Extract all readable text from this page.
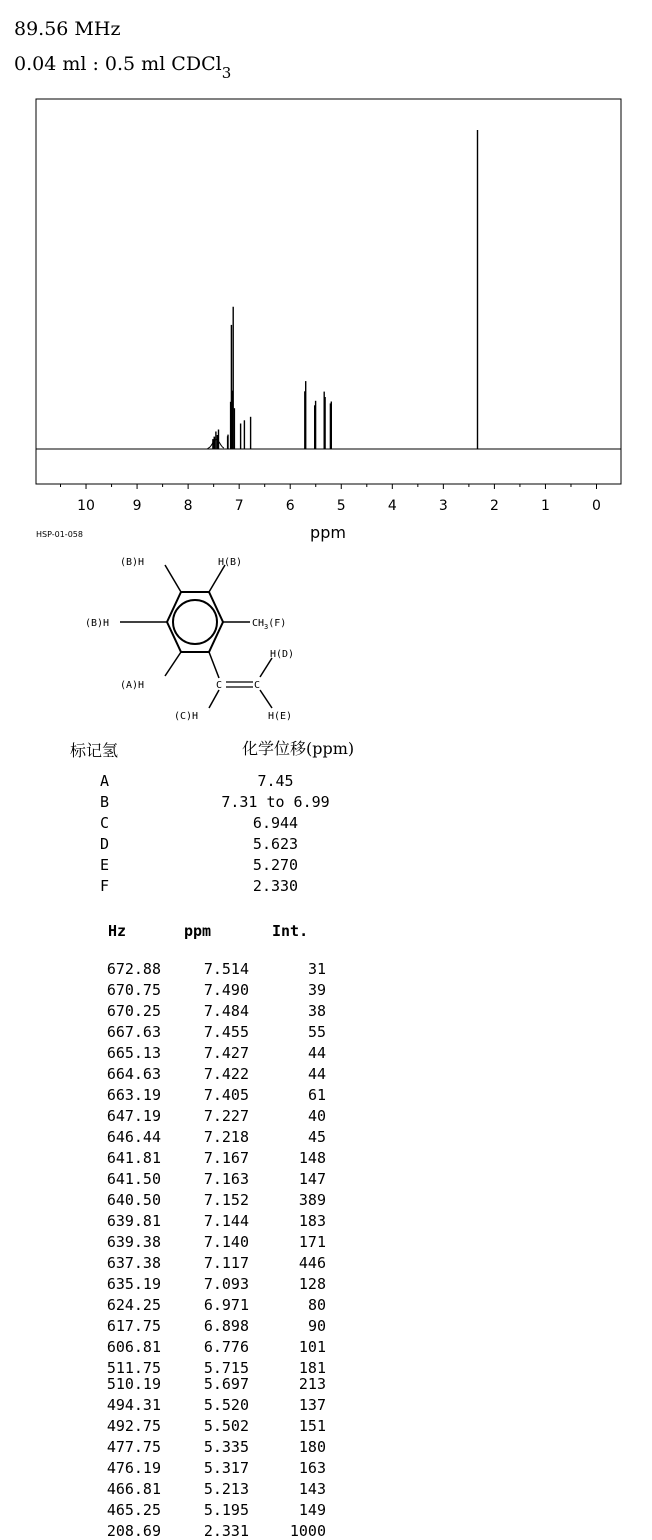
89.56 MHz
0.04 ml : 0.5 ml CDCl$_3$
10	9	8	7	6	5	4	3	2	1	0
HSP-01-058	ppm
(B)H	H(B)
(B)H	$CH_3(F)$
H(D)
(A)H	C	C
(C)H	H(E)
标记氢	化学位移(ppm)
A	7.45
B	7.31 to 6.99
C	6.944
D	5.623
E	5.270
F	2.330
Hz	ppm	Int.
672.88	7.514	31
670.75	7.490	39
670.25	7.484	38
667.63	7.455	55
665.13	7.427	44
664.63	7.422	44
663.19	7.405	61
647.19	7.227	40
646.44	7.218	45
641.81	7.167	148
641.50	7.163	147
640.50	7.152	389
639.81	7.144	183
639.38	7.140	171
637.38	7.117	446
635.19	7.093	128
624.25	6.971	80
617.75	6.898	90
606.81	6.776	101
511.75	5.715	181
510.19	5.697	213
494.31	5.520	137
492.75	5.502	151
477.75	5.335	180
476.19	5.317	163
466.81	5.213	143
465.25	5.195	149
208.69	2.331	1000
